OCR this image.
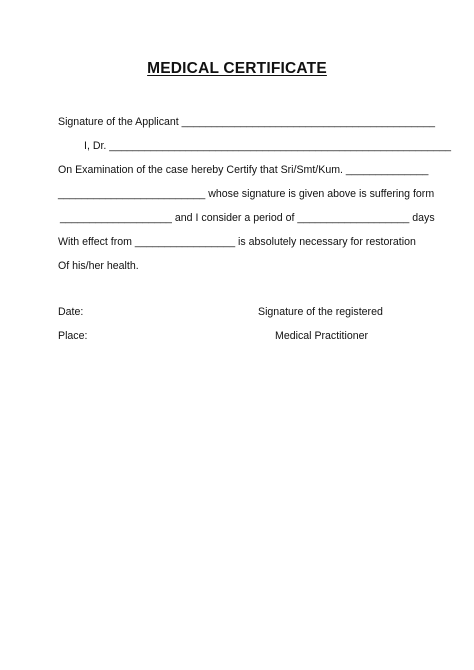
MEDICAL CERTIFICATE
Signature of the Applicant ___________________________________________
I, Dr. __________________________________________________________
On Examination of the case hereby Certify that Sri/Smt/Kum. ______________
_________________________ whose signature is given above is suffering form
___________________ and I consider a period of ___________________ days
With effect from _________________ is absolutely necessary for restoration
Of his/her health.
Date:
Place:
Signature of the registered
Medical Practitioner
